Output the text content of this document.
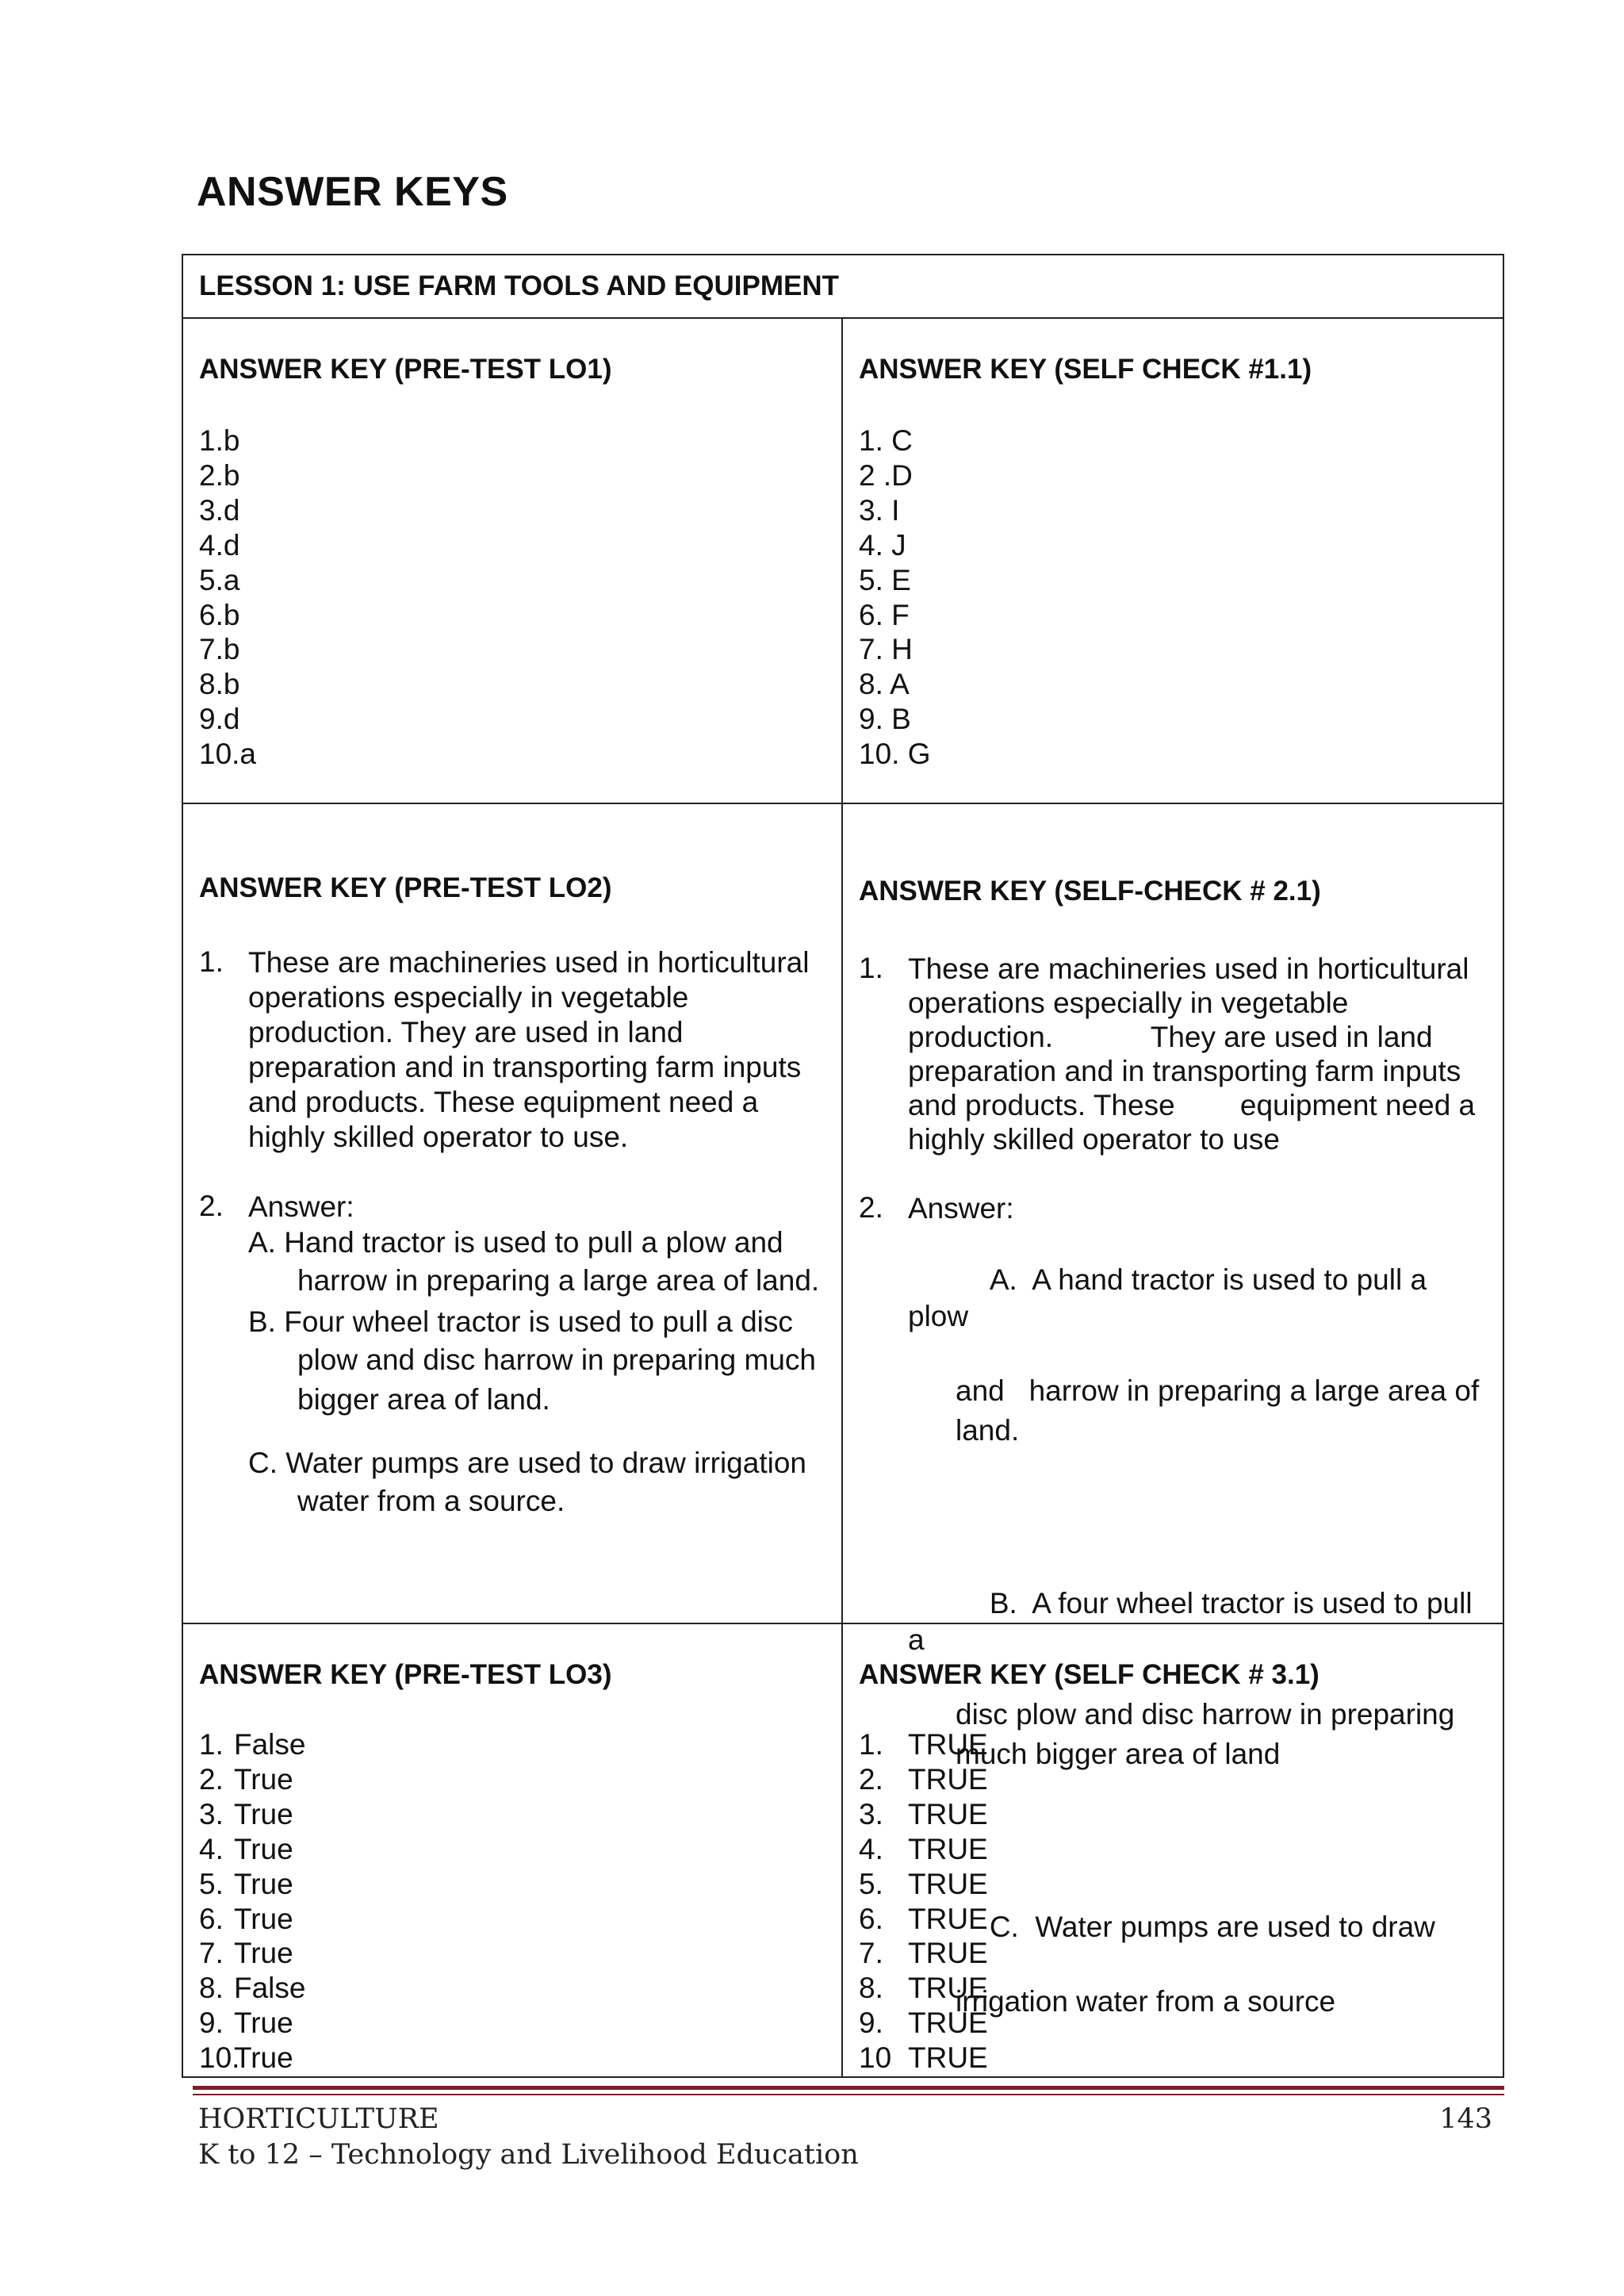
ANSWER KEYS
LESSON 1: USE FARM TOOLS AND EQUIPMENT
ANSWER KEY (PRE-TEST LO1)
1.b
2.b
3.d
4.d
5.a
6.b
7.b
8.b
9.d
10.a
ANSWER KEY (SELF CHECK #1.1)
1. C
2 .D
3. I
4. J
5. E
6. F
7. H
8. A
9. B
10. G
ANSWER KEY (PRE-TEST LO2)
1. These are machineries used in horticultural operations especially in vegetable production. They are used in land preparation and in transporting farm inputs and products. These equipment need a highly skilled operator to use.
2. Answer:
A. Hand tractor is used to pull a plow and
harrow in preparing a large area of land.
B. Four wheel tractor is used to pull a disc
plow and disc harrow in preparing much bigger area of land.
C. Water pumps are used to draw irrigation
water from a source.
ANSWER KEY (SELF-CHECK # 2.1)
1. These are machineries used in horticultural operations especially in vegetable production.            They are used in land preparation and in transporting farm inputs and products. These        equipment need a highly skilled operator to use
2. Answer:

A.  A hand tractor is used to pull a plow

and   harrow in preparing a large area of land.

B.  A four wheel tractor is used to pull a

disc plow and disc harrow in preparing much bigger area of land

C.  Water pumps are used to draw

irrigation water from a source

ANSWER KEY (PRE-TEST LO3)
1. False
2. True
3. True
4. True
5. True
6. True
7. True
8. False
9. True
10.True
ANSWER KEY (SELF CHECK # 3.1)
1. TRUE
2. TRUE
3. TRUE
4. TRUE
5. TRUE
6. TRUE
7. TRUE
8. TRUE
9. TRUE
10 TRUE
HORTICULTURE	143
K to 12 – Technology and Livelihood Education
